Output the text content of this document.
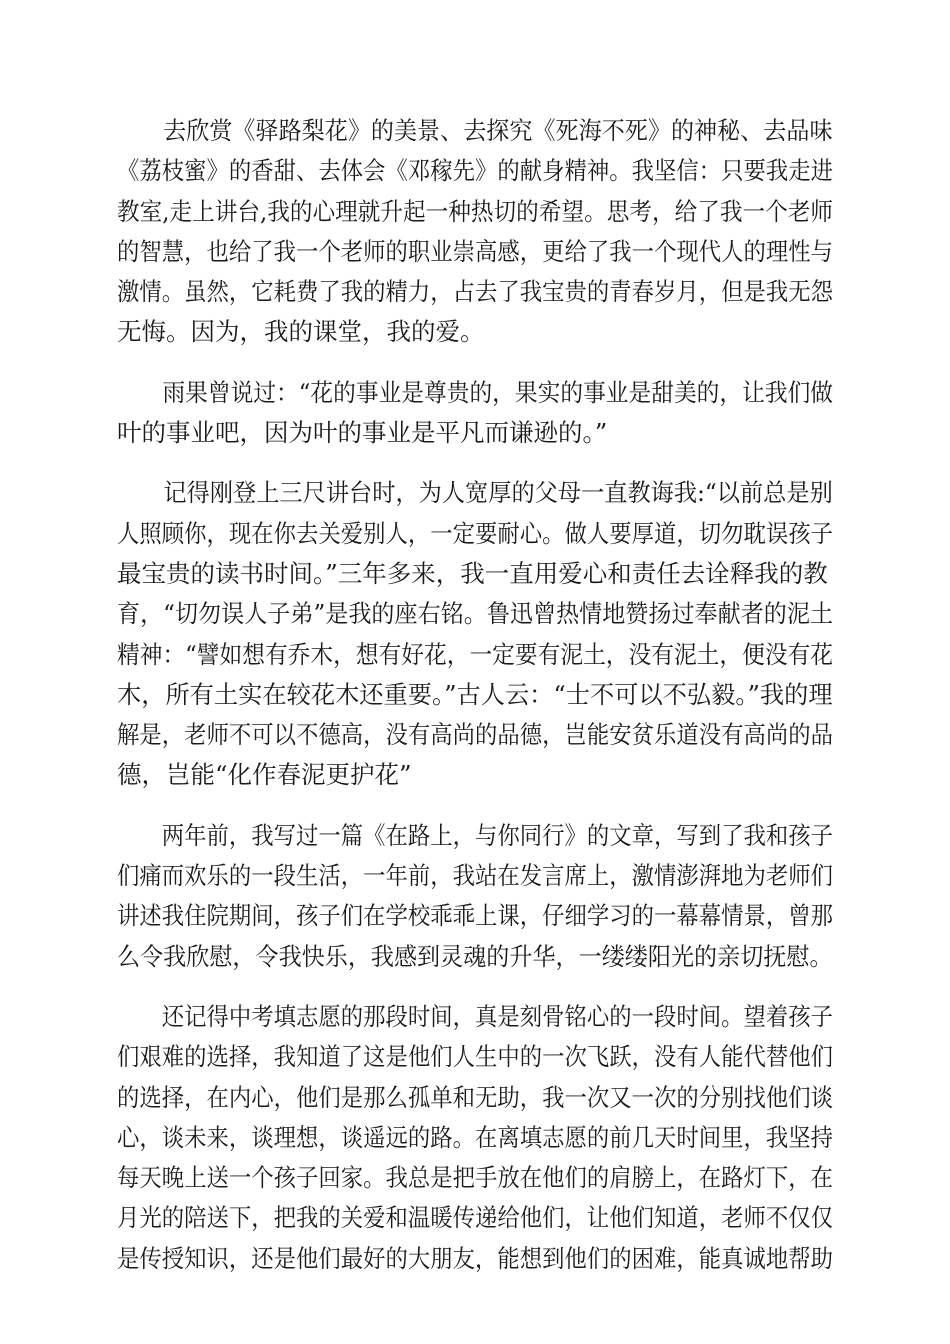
　　去欣赏《驿路梨花》的美景、去探究《死海不死》的神秘、去品味
《荔枝蜜》的香甜、去体会《邓稼先》的献身精神。我坚信：只要我走进
教室,走上讲台,我的心理就升起一种热切的希望。思考，给了我一个老师
的智慧，也给了我一个老师的职业崇高感，更给了我一个现代人的理性与
激情。虽然，它耗费了我的精力，占去了我宝贵的青春岁月，但是我无怨
无悔。因为，我的课堂，我的爱。
　　雨果曾说过：“花的事业是尊贵的，果实的事业是甜美的，让我们做
叶的事业吧，因为叶的事业是平凡而谦逊的。”
　　记得刚登上三尺讲台时，为人宽厚的父母一直教诲我:“以前总是别
人照顾你，现在你去关爱别人，一定要耐心。做人要厚道，切勿耽误孩子
最宝贵的读书时间。”三年多来，我一直用爱心和责任去诠释我的教
育，“切勿误人子弟”是我的座右铭。鲁迅曾热情地赞扬过奉献者的泥土
精神：“譬如想有乔木，想有好花，一定要有泥土，没有泥土，便没有花
木，所有土实在较花木还重要。”古人云：“士不可以不弘毅。”我的理
解是，老师不可以不德高，没有高尚的品德，岂能安贫乐道没有高尚的品
德，岂能“化作春泥更护花”
　　两年前，我写过一篇《在路上，与你同行》的文章，写到了我和孩子
们痛而欢乐的一段生活，一年前，我站在发言席上，激情澎湃地为老师们
讲述我住院期间，孩子们在学校乖乖上课，仔细学习的一幕幕情景，曾那
么令我欣慰，令我快乐，我感到灵魂的升华，一缕缕阳光的亲切抚慰。
　　还记得中考填志愿的那段时间，真是刻骨铭心的一段时间。望着孩子
们艰难的选择，我知道了这是他们人生中的一次飞跃，没有人能代替他们
的选择，在内心，他们是那么孤单和无助，我一次又一次的分别找他们谈
心，谈未来，谈理想，谈遥远的路。在离填志愿的前几天时间里，我坚持
每天晚上送一个孩子回家。我总是把手放在他们的肩膀上，在路灯下，在
月光的陪送下，把我的关爱和温暖传递给他们，让他们知道，老师不仅仅
是传授知识，还是他们最好的大朋友，能想到他们的困难，能真诚地帮助
